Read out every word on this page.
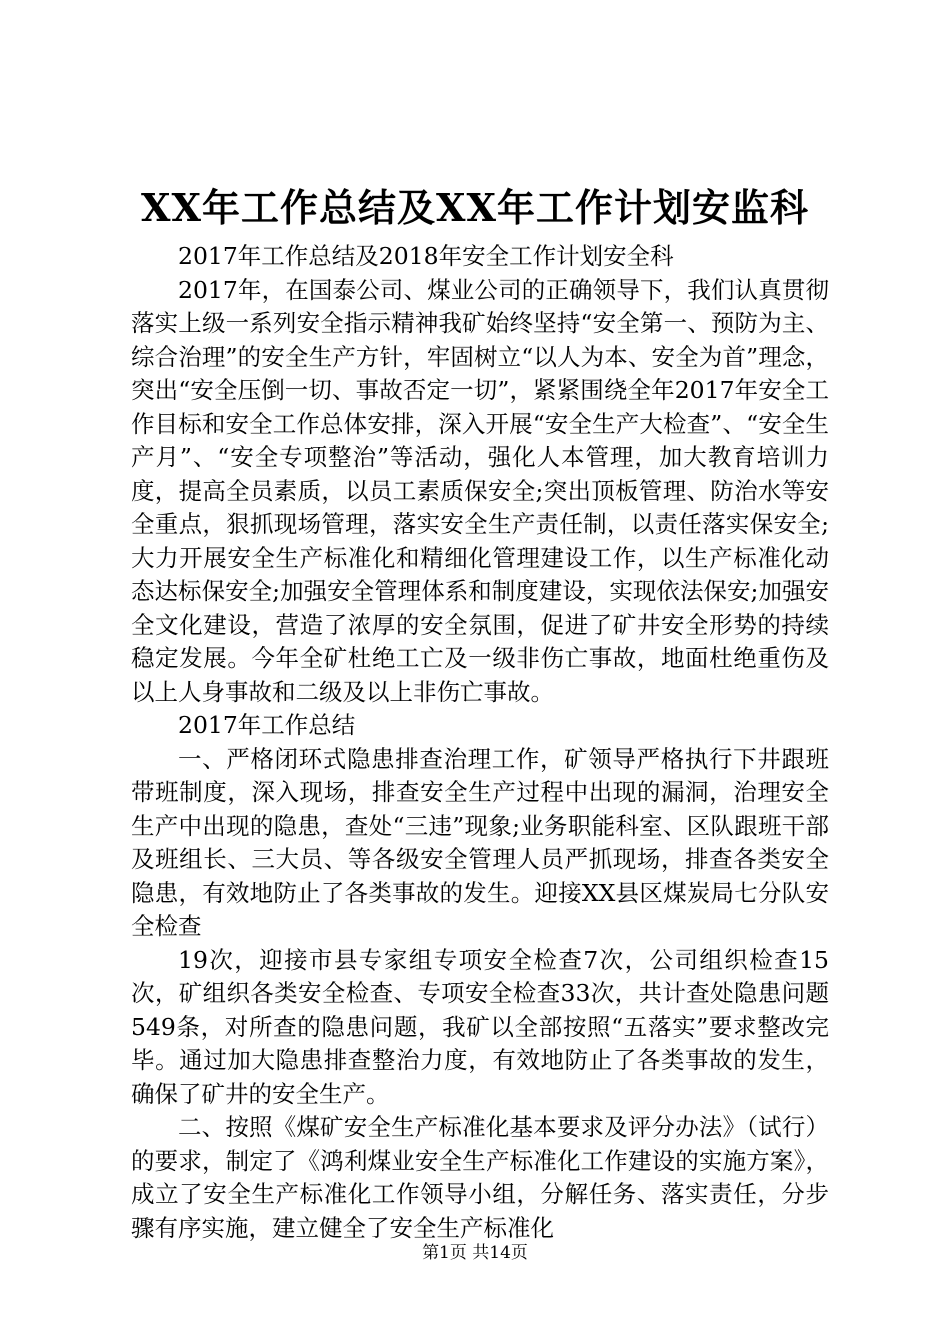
XX年工作总结及XX年工作计划安监科

2017年工作总结及2018年安全工作计划安全科

2017年，在国泰公司、煤业公司的正确领导下，我们认真贯彻落实上级一系列安全指示精神我矿始终坚持“安全第一、预防为主、综合治理”的安全生产方针，牢固树立“以人为本、安全为首”理念，突出“安全压倒一切、事故否定一切”，紧紧围绕全年2017年安全工作目标和安全工作总体安排，深入开展“安全生产大检查”、“安全生产月”、“安全专项整治”等活动，强化人本管理，加大教育培训力度，提高全员素质，以员工素质保安全;突出顶板管理、防治水等安全重点，狠抓现场管理，落实安全生产责任制，以责任落实保安全;大力开展安全生产标准化和精细化管理建设工作，以生产标准化动态达标保安全;加强安全管理体系和制度建设，实现依法保安;加强安全文化建设，营造了浓厚的安全氛围，促进了矿井安全形势的持续稳定发展。今年全矿杜绝工亡及一级非伤亡事故，地面杜绝重伤及以上人身事故和二级及以上非伤亡事故。

2017年工作总结

一、严格闭环式隐患排查治理工作，矿领导严格执行下井跟班带班制度，深入现场，排查安全生产过程中出现的漏洞，治理安全生产中出现的隐患，查处“三违”现象;业务职能科室、区队跟班干部及班组长、三大员、等各级安全管理人员严抓现场，排查各类安全隐患，有效地防止了各类事故的发生。迎接XX县区煤炭局七分队安全检查

19次，迎接市县专家组专项安全检查7次，公司组织检查15次，矿组织各类安全检查、专项安全检查33次，共计查处隐患问题549条，对所查的隐患问题，我矿以全部按照“五落实”要求整改完毕。通过加大隐患排查整治力度，有效地防止了各类事故的发生，确保了矿井的安全生产。

二、按照《煤矿安全生产标准化基本要求及评分办法》（试行）的要求，制定了《鸿利煤业安全生产标准化工作建设的实施方案》，成立了安全生产标准化工作领导小组，分解任务、落实责任，分步骤有序实施，建立健全了安全生产标准化

第1页 共14页
